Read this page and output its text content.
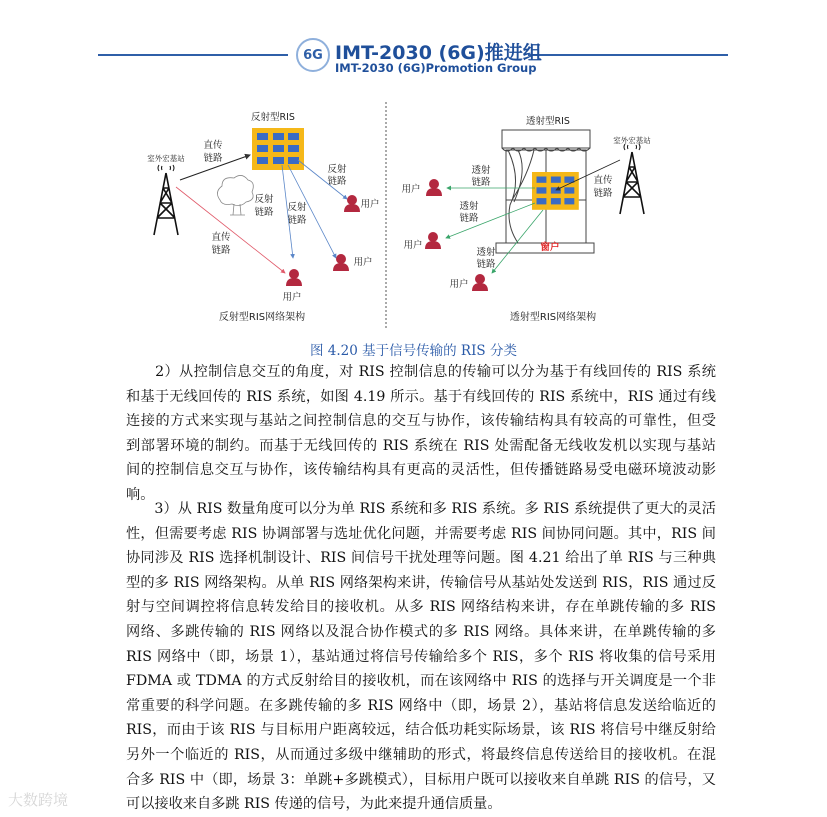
6G IMT-2030 (6G)推进组
IMT-2030 (6G)Promotion Group
反射型RIS
室外宏基站
直传
链路
直传
链路
反射
链路
反射
链路 反射
链路
用户
用户
用户
反射型RIS网络架构
透射型RIS
窗户
室外宏基站
直传
链路
透射
链路
透射
链路
透射
链路
用户
用户
用户
透射型RIS网络架构
图 4.20 基于信号传输的 RIS 分类
　　2）从控制信息交互的角度，对 RIS 控制信息的传输可以分为基于有线回传的 RIS 系统
和基于无线回传的 RIS 系统，如图 4.19 所示。基于有线回传的 RIS 系统中，RIS 通过有线
连接的方式来实现与基站之间控制信息的交互与协作，该传输结构具有较高的可靠性，但受
到部署环境的制约。而基于无线回传的 RIS 系统在 RIS 处需配备无线收发机以实现与基站
间的控制信息交互与协作，该传输结构具有更高的灵活性，但传播链路易受电磁环境波动影
响。
　　3）从 RIS 数量角度可以分为单 RIS 系统和多 RIS 系统。多 RIS 系统提供了更大的灵活
性，但需要考虑 RIS 协调部署与选址优化问题，并需要考虑 RIS 间协同问题。其中，RIS 间
协同涉及 RIS 选择机制设计、RIS 间信号干扰处理等问题。图 4.21 给出了单 RIS 与三种典
型的多 RIS 网络架构。从单 RIS 网络架构来讲，传输信号从基站处发送到 RIS，RIS 通过反
射与空间调控将信息转发给目的接收机。从多 RIS 网络结构来讲，存在单跳传输的多 RIS
网络、多跳传输的 RIS 网络以及混合协作模式的多 RIS 网络。具体来讲，在单跳传输的多
RIS 网络中（即，场景 1），基站通过将信号传输给多个 RIS，多个 RIS 将收集的信号采用
FDMA 或 TDMA 的方式反射给目的接收机，而在该网络中 RIS 的选择与开关调度是一个非
常重要的科学问题。在多跳传输的多 RIS 网络中（即，场景 2），基站将信息发送给临近的
RIS，而由于该 RIS 与目标用户距离较远，结合低功耗实际场景，该 RIS 将信号中继反射给
另外一个临近的 RIS，从而通过多级中继辅助的形式，将最终信息传送给目的接收机。在混
合多 RIS 中（即，场景 3：单跳+多跳模式），目标用户既可以接收来自单跳 RIS 的信号，又
可以接收来自多跳 RIS 传递的信号，为此来提升通信质量。
大数跨境
